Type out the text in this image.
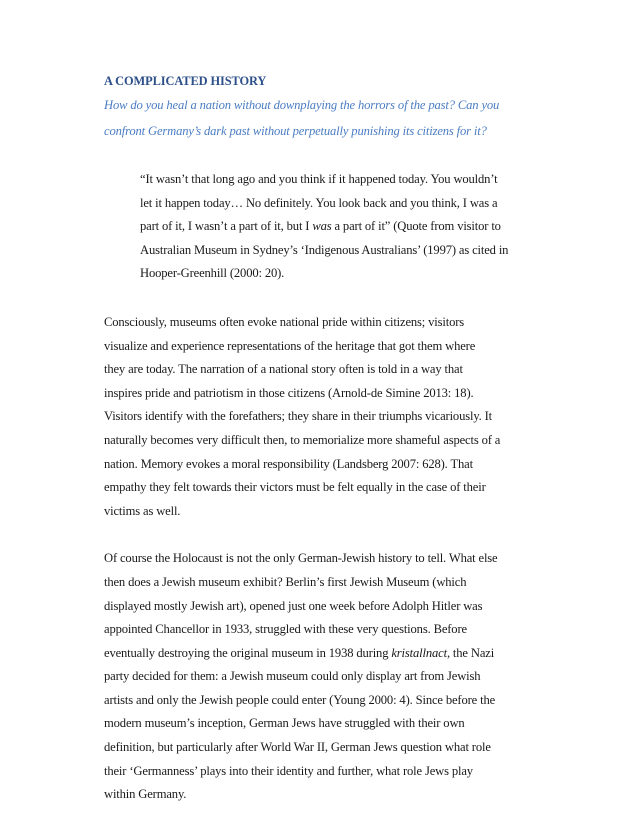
A COMPLICATED HISTORY
How do you heal a nation without downplaying the horrors of the past? Can you
confront Germany’s dark past without perpetually punishing its citizens for it?
“It wasn’t that long ago and you think if it happened today. You wouldn’t
let it happen today… No definitely. You look back and you think, I was a
part of it, I wasn’t a part of it, but I was a part of it” (Quote from visitor to
Australian Museum in Sydney’s ‘Indigenous Australians’ (1997) as cited in
Hooper-Greenhill (2000: 20).
Consciously, museums often evoke national pride within citizens; visitors
visualize and experience representations of the heritage that got them where
they are today. The narration of a national story often is told in a way that
inspires pride and patriotism in those citizens (Arnold-de Simine 2013: 18).
Visitors identify with the forefathers; they share in their triumphs vicariously. It
naturally becomes very difficult then, to memorialize more shameful aspects of a
nation. Memory evokes a moral responsibility (Landsberg 2007: 628). That
empathy they felt towards their victors must be felt equally in the case of their
victims as well.
Of course the Holocaust is not the only German-Jewish history to tell. What else
then does a Jewish museum exhibit? Berlin’s first Jewish Museum (which
displayed mostly Jewish art), opened just one week before Adolph Hitler was
appointed Chancellor in 1933, struggled with these very questions. Before
eventually destroying the original museum in 1938 during kristallnact, the Nazi
party decided for them: a Jewish museum could only display art from Jewish
artists and only the Jewish people could enter (Young 2000: 4). Since before the
modern museum’s inception, German Jews have struggled with their own
definition, but particularly after World War II, German Jews question what role
their ‘Germanness’ plays into their identity and further, what role Jews play
within Germany.
